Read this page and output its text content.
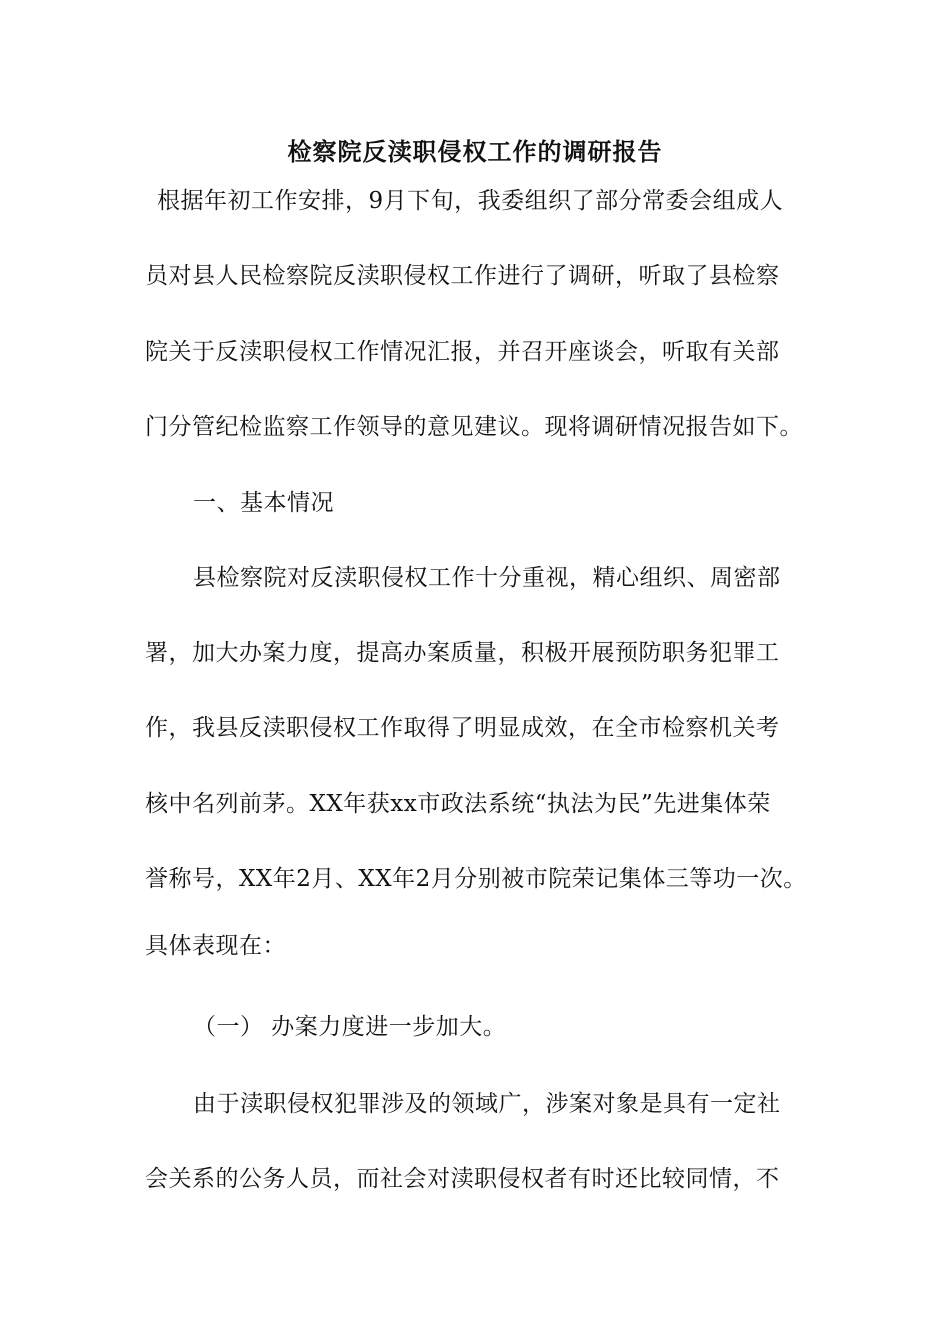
检察院反渎职侵权工作的调研报告
根据年初工作安排，9月下旬，我委组织了部分常委会组成人
员对县人民检察院反渎职侵权工作进行了调研，听取了县检察
院关于反渎职侵权工作情况汇报，并召开座谈会，听取有关部
门分管纪检监察工作领导的意见建议。现将调研情况报告如下。
一、基本情况
县检察院对反渎职侵权工作十分重视，精心组织、周密部
署，加大办案力度，提高办案质量，积极开展预防职务犯罪工
作，我县反渎职侵权工作取得了明显成效，在全市检察机关考
核中名列前茅。XX年获xx市政法系统“执法为民”先进集体荣
誉称号，XX年2月、XX年2月分别被市院荣记集体三等功一次。
具体表现在：
（一） 办案力度进一步加大。
由于渎职侵权犯罪涉及的领域广，涉案对象是具有一定社
会关系的公务人员，而社会对渎职侵权者有时还比较同情，不
